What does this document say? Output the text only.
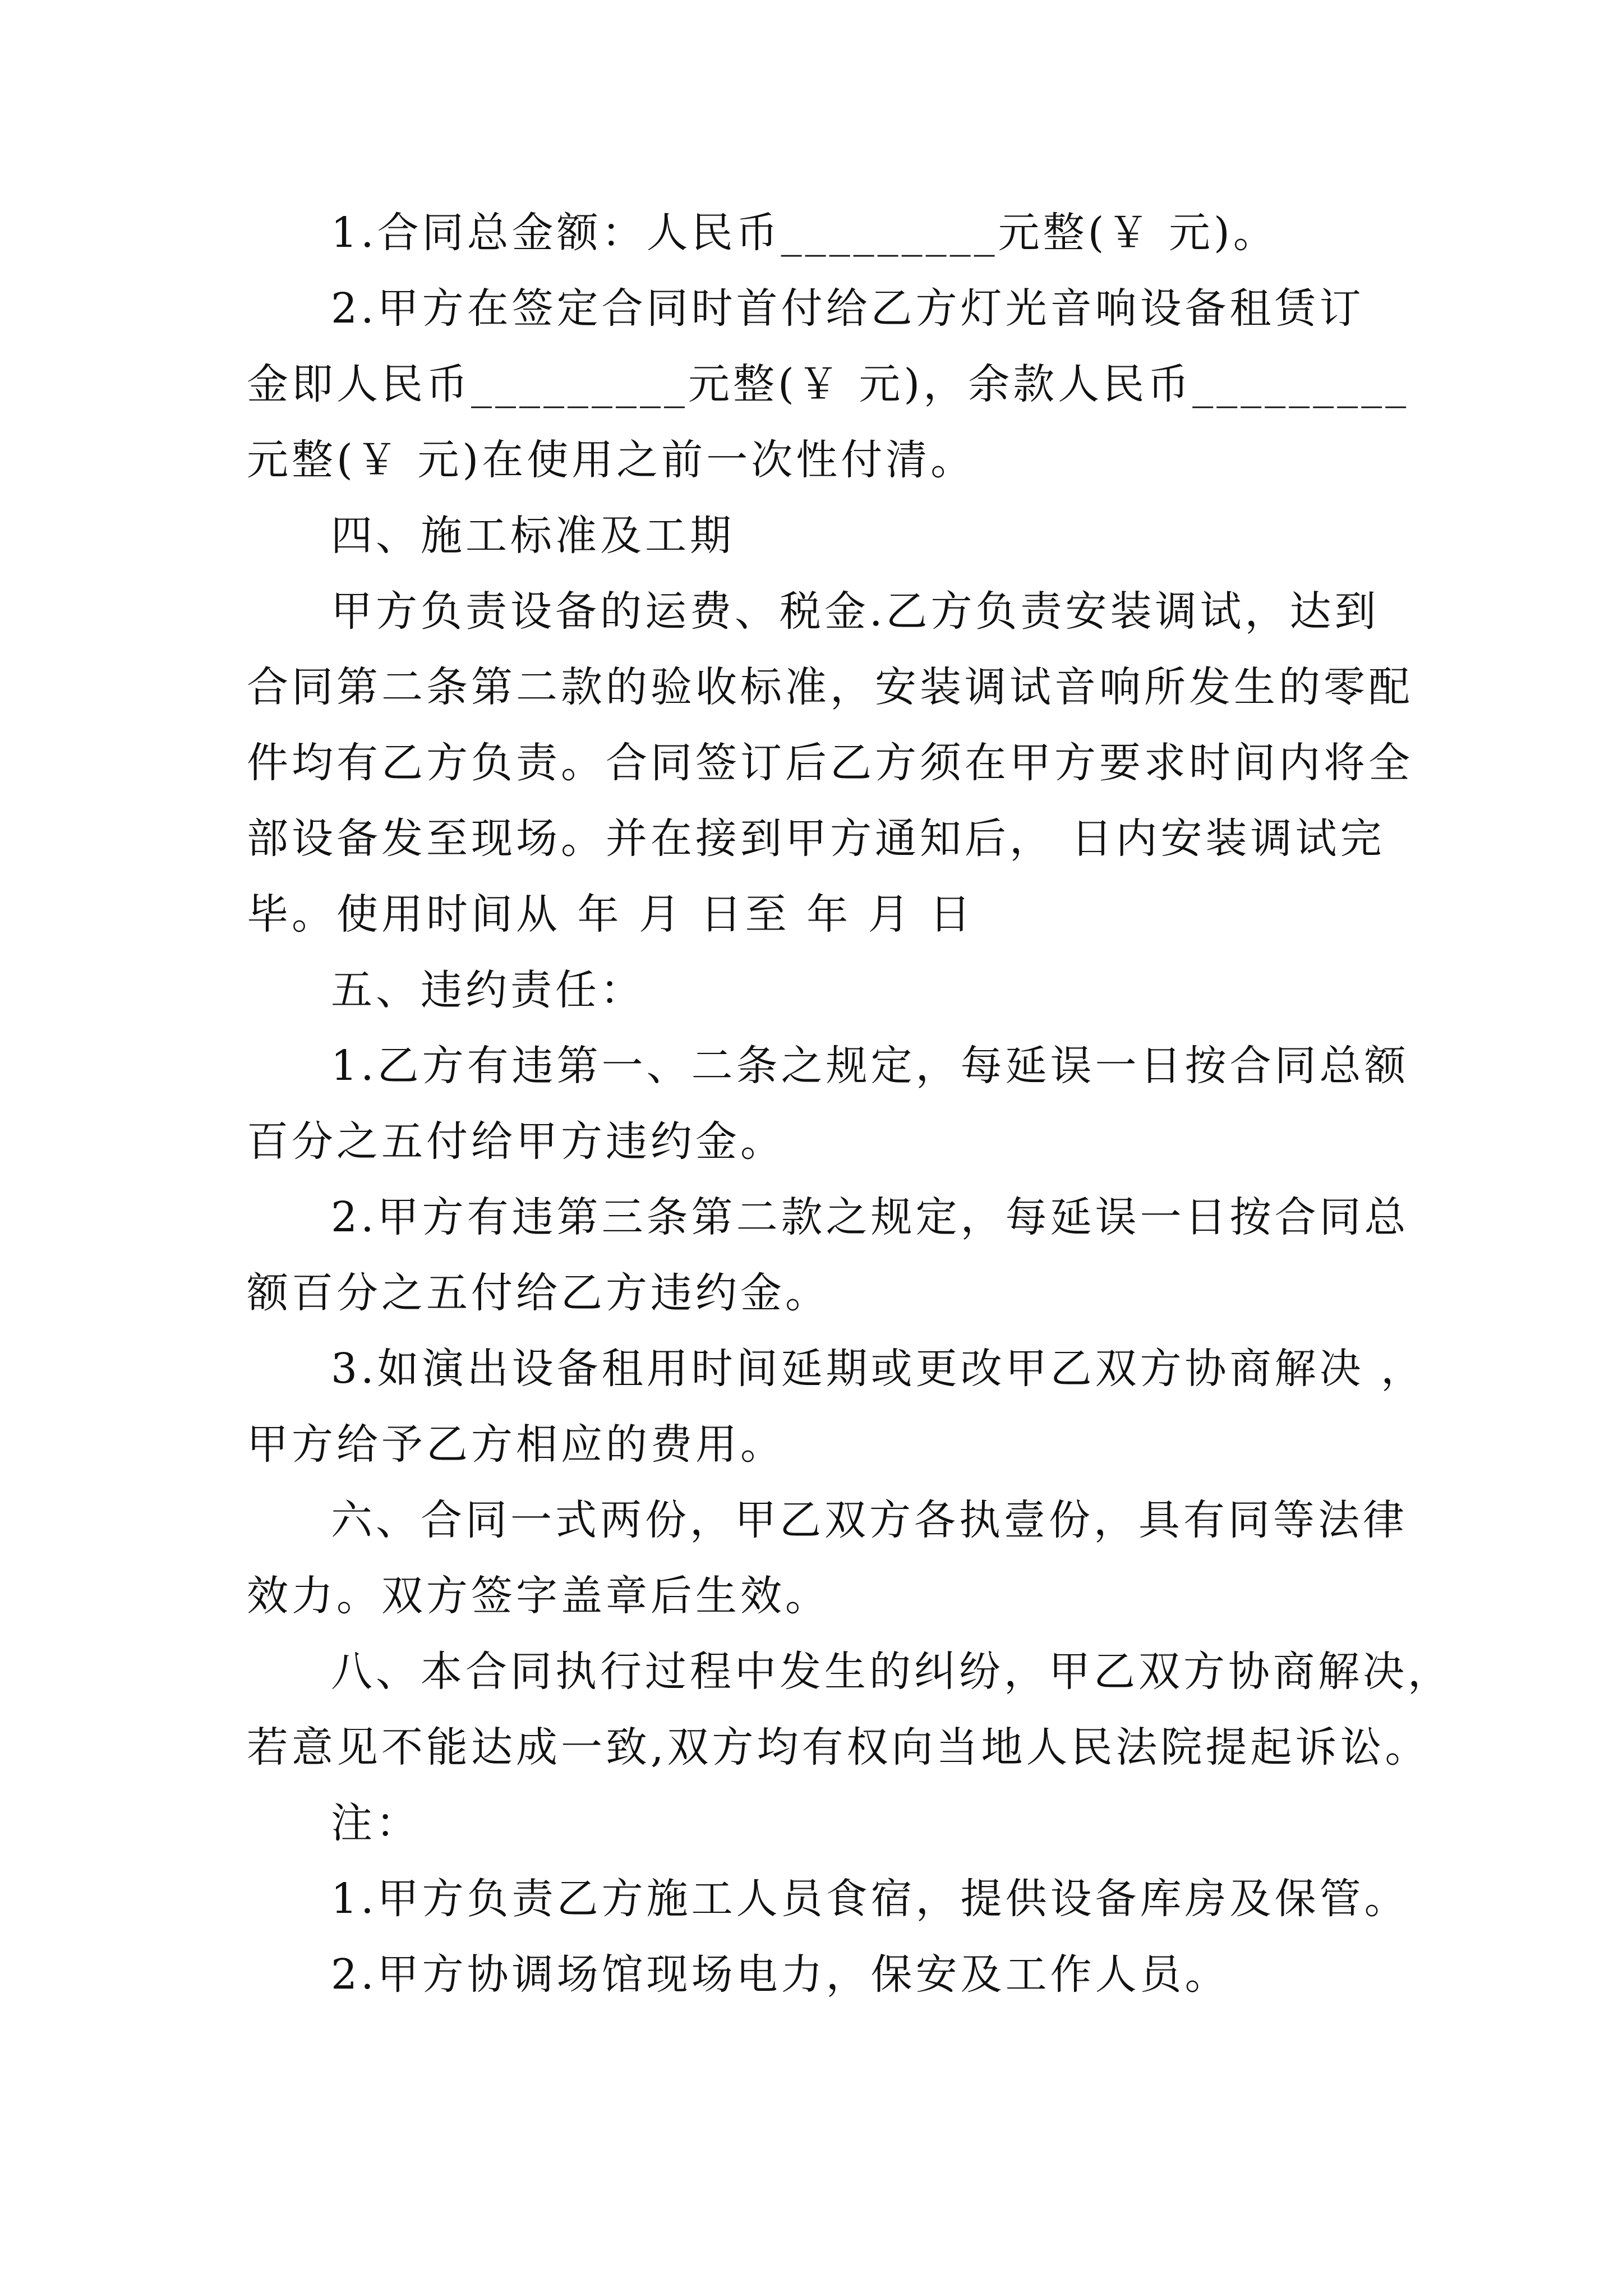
1.合同总金额：人民币_________元整(￥ 元)。
2.甲方在签定合同时首付给乙方灯光音响设备租赁订
金即人民币_________元整(￥ 元)，余款人民币_________
元整(￥ 元)在使用之前一次性付清。
四、施工标准及工期
甲方负责设备的运费、税金.乙方负责安装调试，达到
合同第二条第二款的验收标准，安装调试音响所发生的零配
件均有乙方负责。合同签订后乙方须在甲方要求时间内将全
部设备发至现场。并在接到甲方通知后， 日内安装调试完
毕。使用时间从 年 月 日至 年 月 日
五、违约责任：
1.乙方有违第一、二条之规定，每延误一日按合同总额
百分之五付给甲方违约金。
2.甲方有违第三条第二款之规定，每延误一日按合同总
额百分之五付给乙方违约金。
3.如演出设备租用时间延期或更改甲乙双方协商解决 ，
甲方给予乙方相应的费用。
六、合同一式两份，甲乙双方各执壹份，具有同等法律
效力。双方签字盖章后生效。
八、本合同执行过程中发生的纠纷，甲乙双方协商解决，
若意见不能达成一致,双方均有权向当地人民法院提起诉讼。
注：
1.甲方负责乙方施工人员食宿，提供设备库房及保管。
2.甲方协调场馆现场电力，保安及工作人员。
